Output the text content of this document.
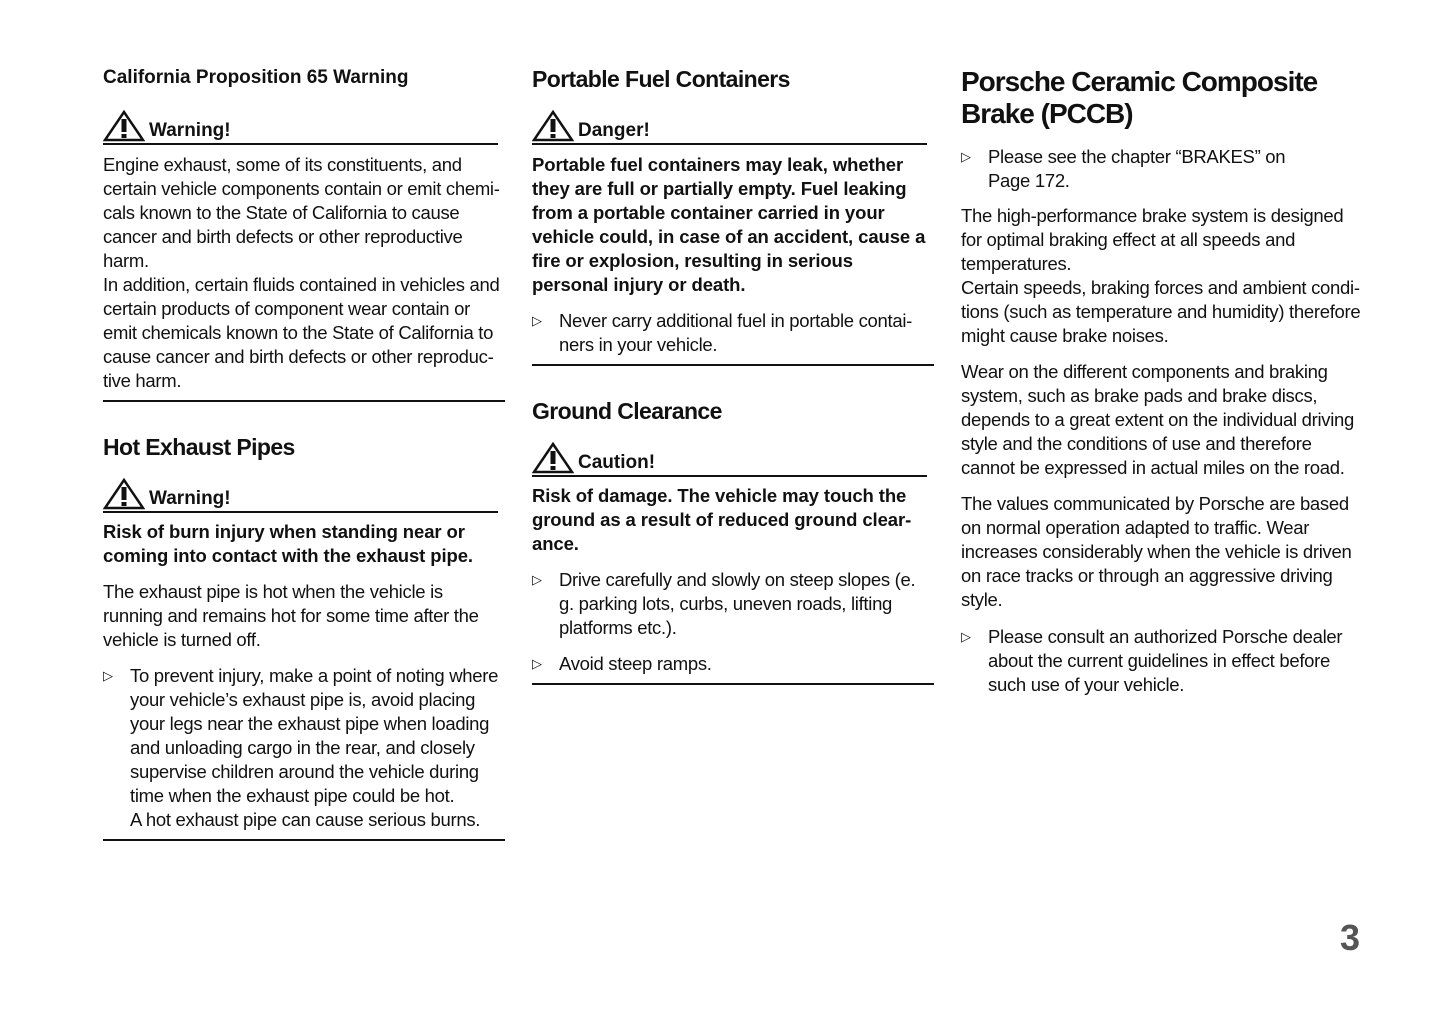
California Proposition 65 Warning
Warning!

Engine exhaust, some of its constituents, and certain vehicle components contain or emit chemi-cals known to the State of California to cause cancer and birth defects or other reproductive harm.

In addition, certain fluids contained in vehicles and certain products of component wear contain or emit chemicals known to the State of California to cause cancer and birth defects or other reproduc-tive harm.

Hot Exhaust Pipes
Warning!

Risk of burn injury when standing near or coming into contact with the exhaust pipe.

The exhaust pipe is hot when the vehicle is running and remains hot for some time after the vehicle is turned off.

▷ To prevent injury, make a point of noting where your vehicle’s exhaust pipe is, avoid placing your legs near the exhaust pipe when loading and unloading cargo in the rear, and closely supervise children around the vehicle during time when the exhaust pipe could be hot.
A hot exhaust pipe can cause serious burns.
Portable Fuel Containers
Danger!

Portable fuel containers may leak, whether they are full or partially empty. Fuel leaking from a portable container carried in your vehicle could, in case of an accident, cause a fire or explosion, resulting in serious personal injury or death.

▷ Never carry additional fuel in portable contai-ners in your vehicle.
Ground Clearance
Caution!

Risk of damage. The vehicle may touch the ground as a result of reduced ground clear-ance.

▷ Drive carefully and slowly on steep slopes (e. g. parking lots, curbs, uneven roads, lifting platforms etc.).
▷ Avoid steep ramps.
Porsche Ceramic Composite Brake (PCCB)
▷ Please see the chapter “BRAKES” on Page 172.

The high-performance brake system is designed for optimal braking effect at all speeds and temperatures.

Certain speeds, braking forces and ambient condi-tions (such as temperature and humidity) therefore might cause brake noises.

Wear on the different components and braking system, such as brake pads and brake discs, depends to a great extent on the individual driving style and the conditions of use and therefore cannot be expressed in actual miles on the road.

The values communicated by Porsche are based on normal operation adapted to traffic. Wear increases considerably when the vehicle is driven on race tracks or through an aggressive driving style.

▷ Please consult an authorized Porsche dealer about the current guidelines in effect before such use of your vehicle.
3
